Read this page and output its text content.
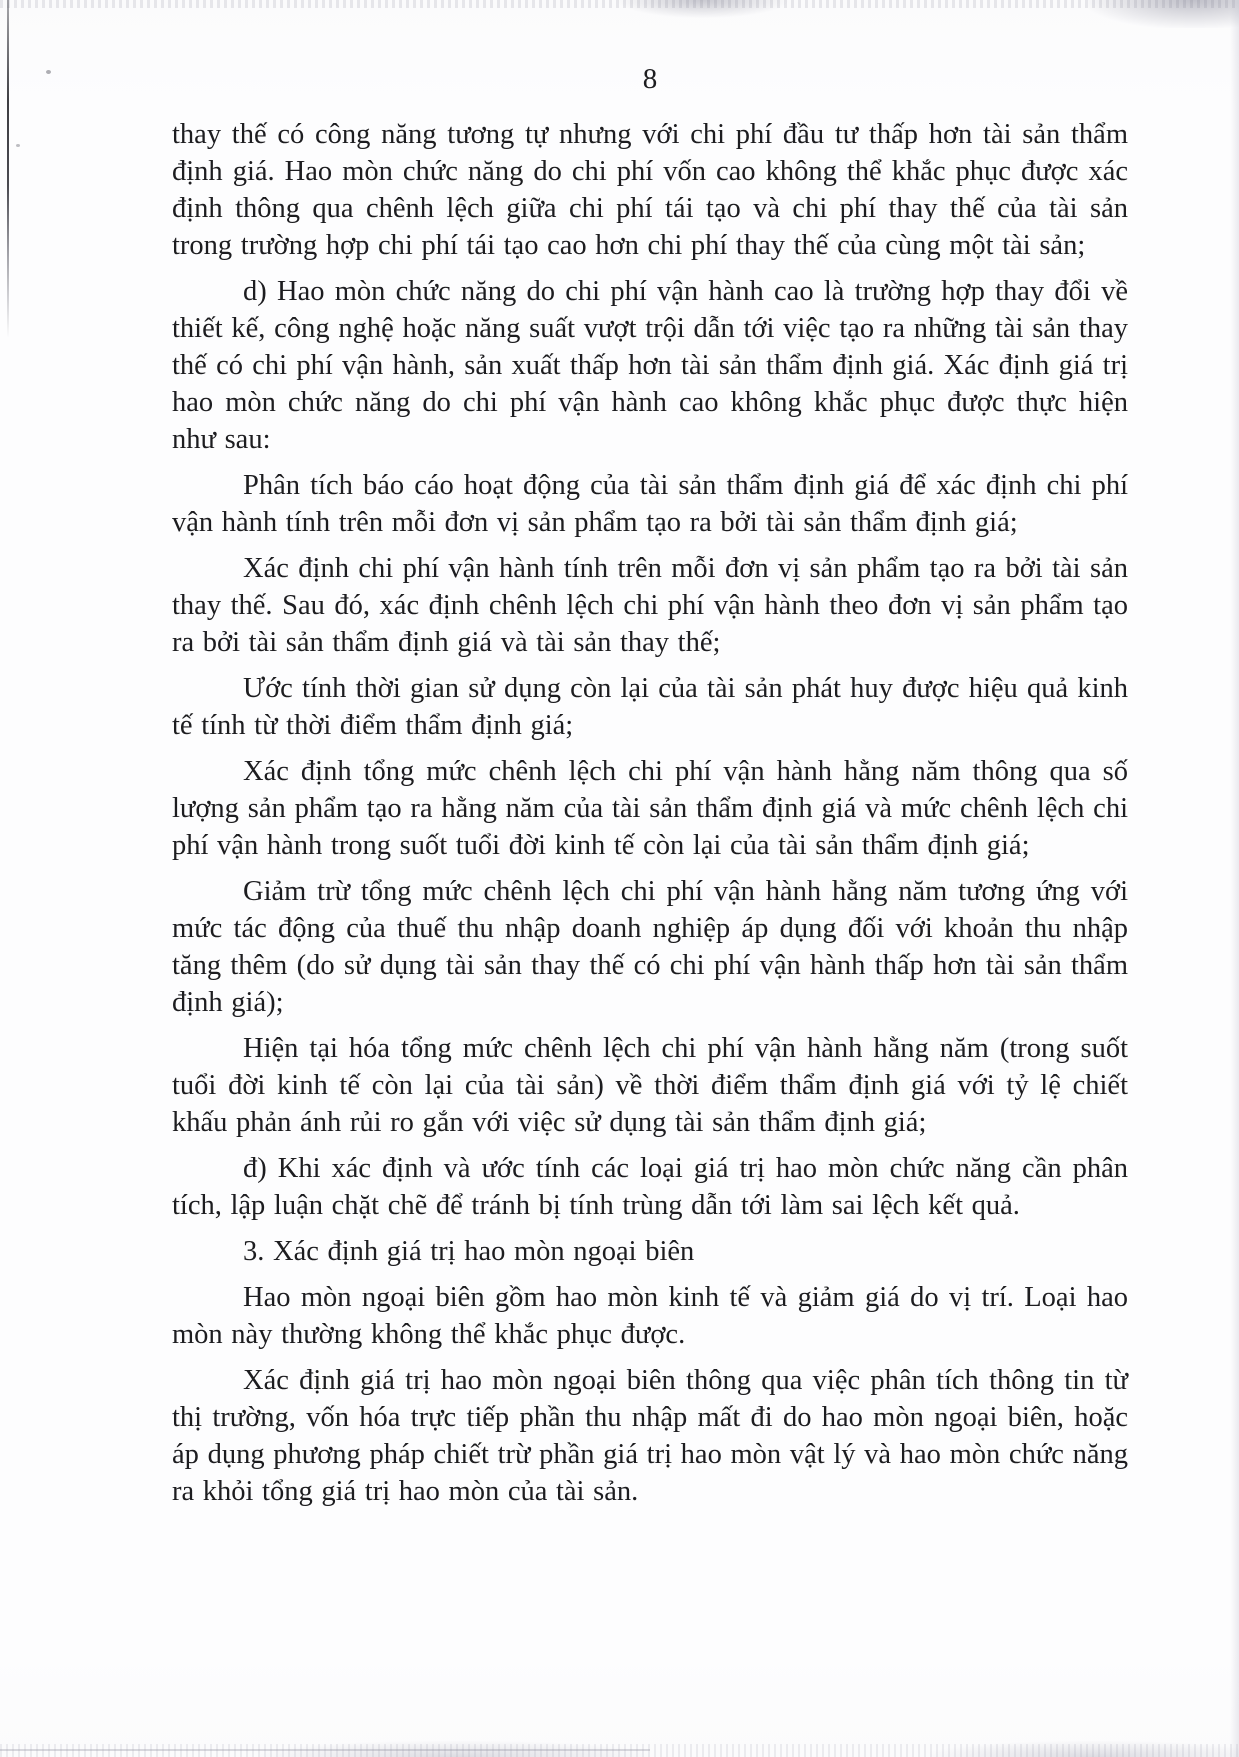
8

thay thế có công năng tương tự nhưng với chi phí đầu tư thấp hơn tài sản thẩm định giá. Hao mòn chức năng do chi phí vốn cao không thể khắc phục được xác định thông qua chênh lệch giữa chi phí tái tạo và chi phí thay thế của tài sản trong trường hợp chi phí tái tạo cao hơn chi phí thay thế của cùng một tài sản;

d) Hao mòn chức năng do chi phí vận hành cao là trường hợp thay đổi về thiết kế, công nghệ hoặc năng suất vượt trội dẫn tới việc tạo ra những tài sản thay thế có chi phí vận hành, sản xuất thấp hơn tài sản thẩm định giá. Xác định giá trị hao mòn chức năng do chi phí vận hành cao không khắc phục được thực hiện như sau:

Phân tích báo cáo hoạt động của tài sản thẩm định giá để xác định chi phí vận hành tính trên mỗi đơn vị sản phẩm tạo ra bởi tài sản thẩm định giá;

Xác định chi phí vận hành tính trên mỗi đơn vị sản phẩm tạo ra bởi tài sản thay thế. Sau đó, xác định chênh lệch chi phí vận hành theo đơn vị sản phẩm tạo ra bởi tài sản thẩm định giá và tài sản thay thế;

Ước tính thời gian sử dụng còn lại của tài sản phát huy được hiệu quả kinh tế tính từ thời điểm thẩm định giá;

Xác định tổng mức chênh lệch chi phí vận hành hằng năm thông qua số lượng sản phẩm tạo ra hằng năm của tài sản thẩm định giá và mức chênh lệch chi phí vận hành trong suốt tuổi đời kinh tế còn lại của tài sản thẩm định giá;

Giảm trừ tổng mức chênh lệch chi phí vận hành hằng năm tương ứng với mức tác động của thuế thu nhập doanh nghiệp áp dụng đối với khoản thu nhập tăng thêm (do sử dụng tài sản thay thế có chi phí vận hành thấp hơn tài sản thẩm định giá);

Hiện tại hóa tổng mức chênh lệch chi phí vận hành hằng năm (trong suốt tuổi đời kinh tế còn lại của tài sản) về thời điểm thẩm định giá với tỷ lệ chiết khấu phản ánh rủi ro gắn với việc sử dụng tài sản thẩm định giá;

đ) Khi xác định và ước tính các loại giá trị hao mòn chức năng cần phân tích, lập luận chặt chẽ để tránh bị tính trùng dẫn tới làm sai lệch kết quả.

3. Xác định giá trị hao mòn ngoại biên

Hao mòn ngoại biên gồm hao mòn kinh tế và giảm giá do vị trí. Loại hao mòn này thường không thể khắc phục được.

Xác định giá trị hao mòn ngoại biên thông qua việc phân tích thông tin từ thị trường, vốn hóa trực tiếp phần thu nhập mất đi do hao mòn ngoại biên, hoặc áp dụng phương pháp chiết trừ phần giá trị hao mòn vật lý và hao mòn chức năng ra khỏi tổng giá trị hao mòn của tài sản.
